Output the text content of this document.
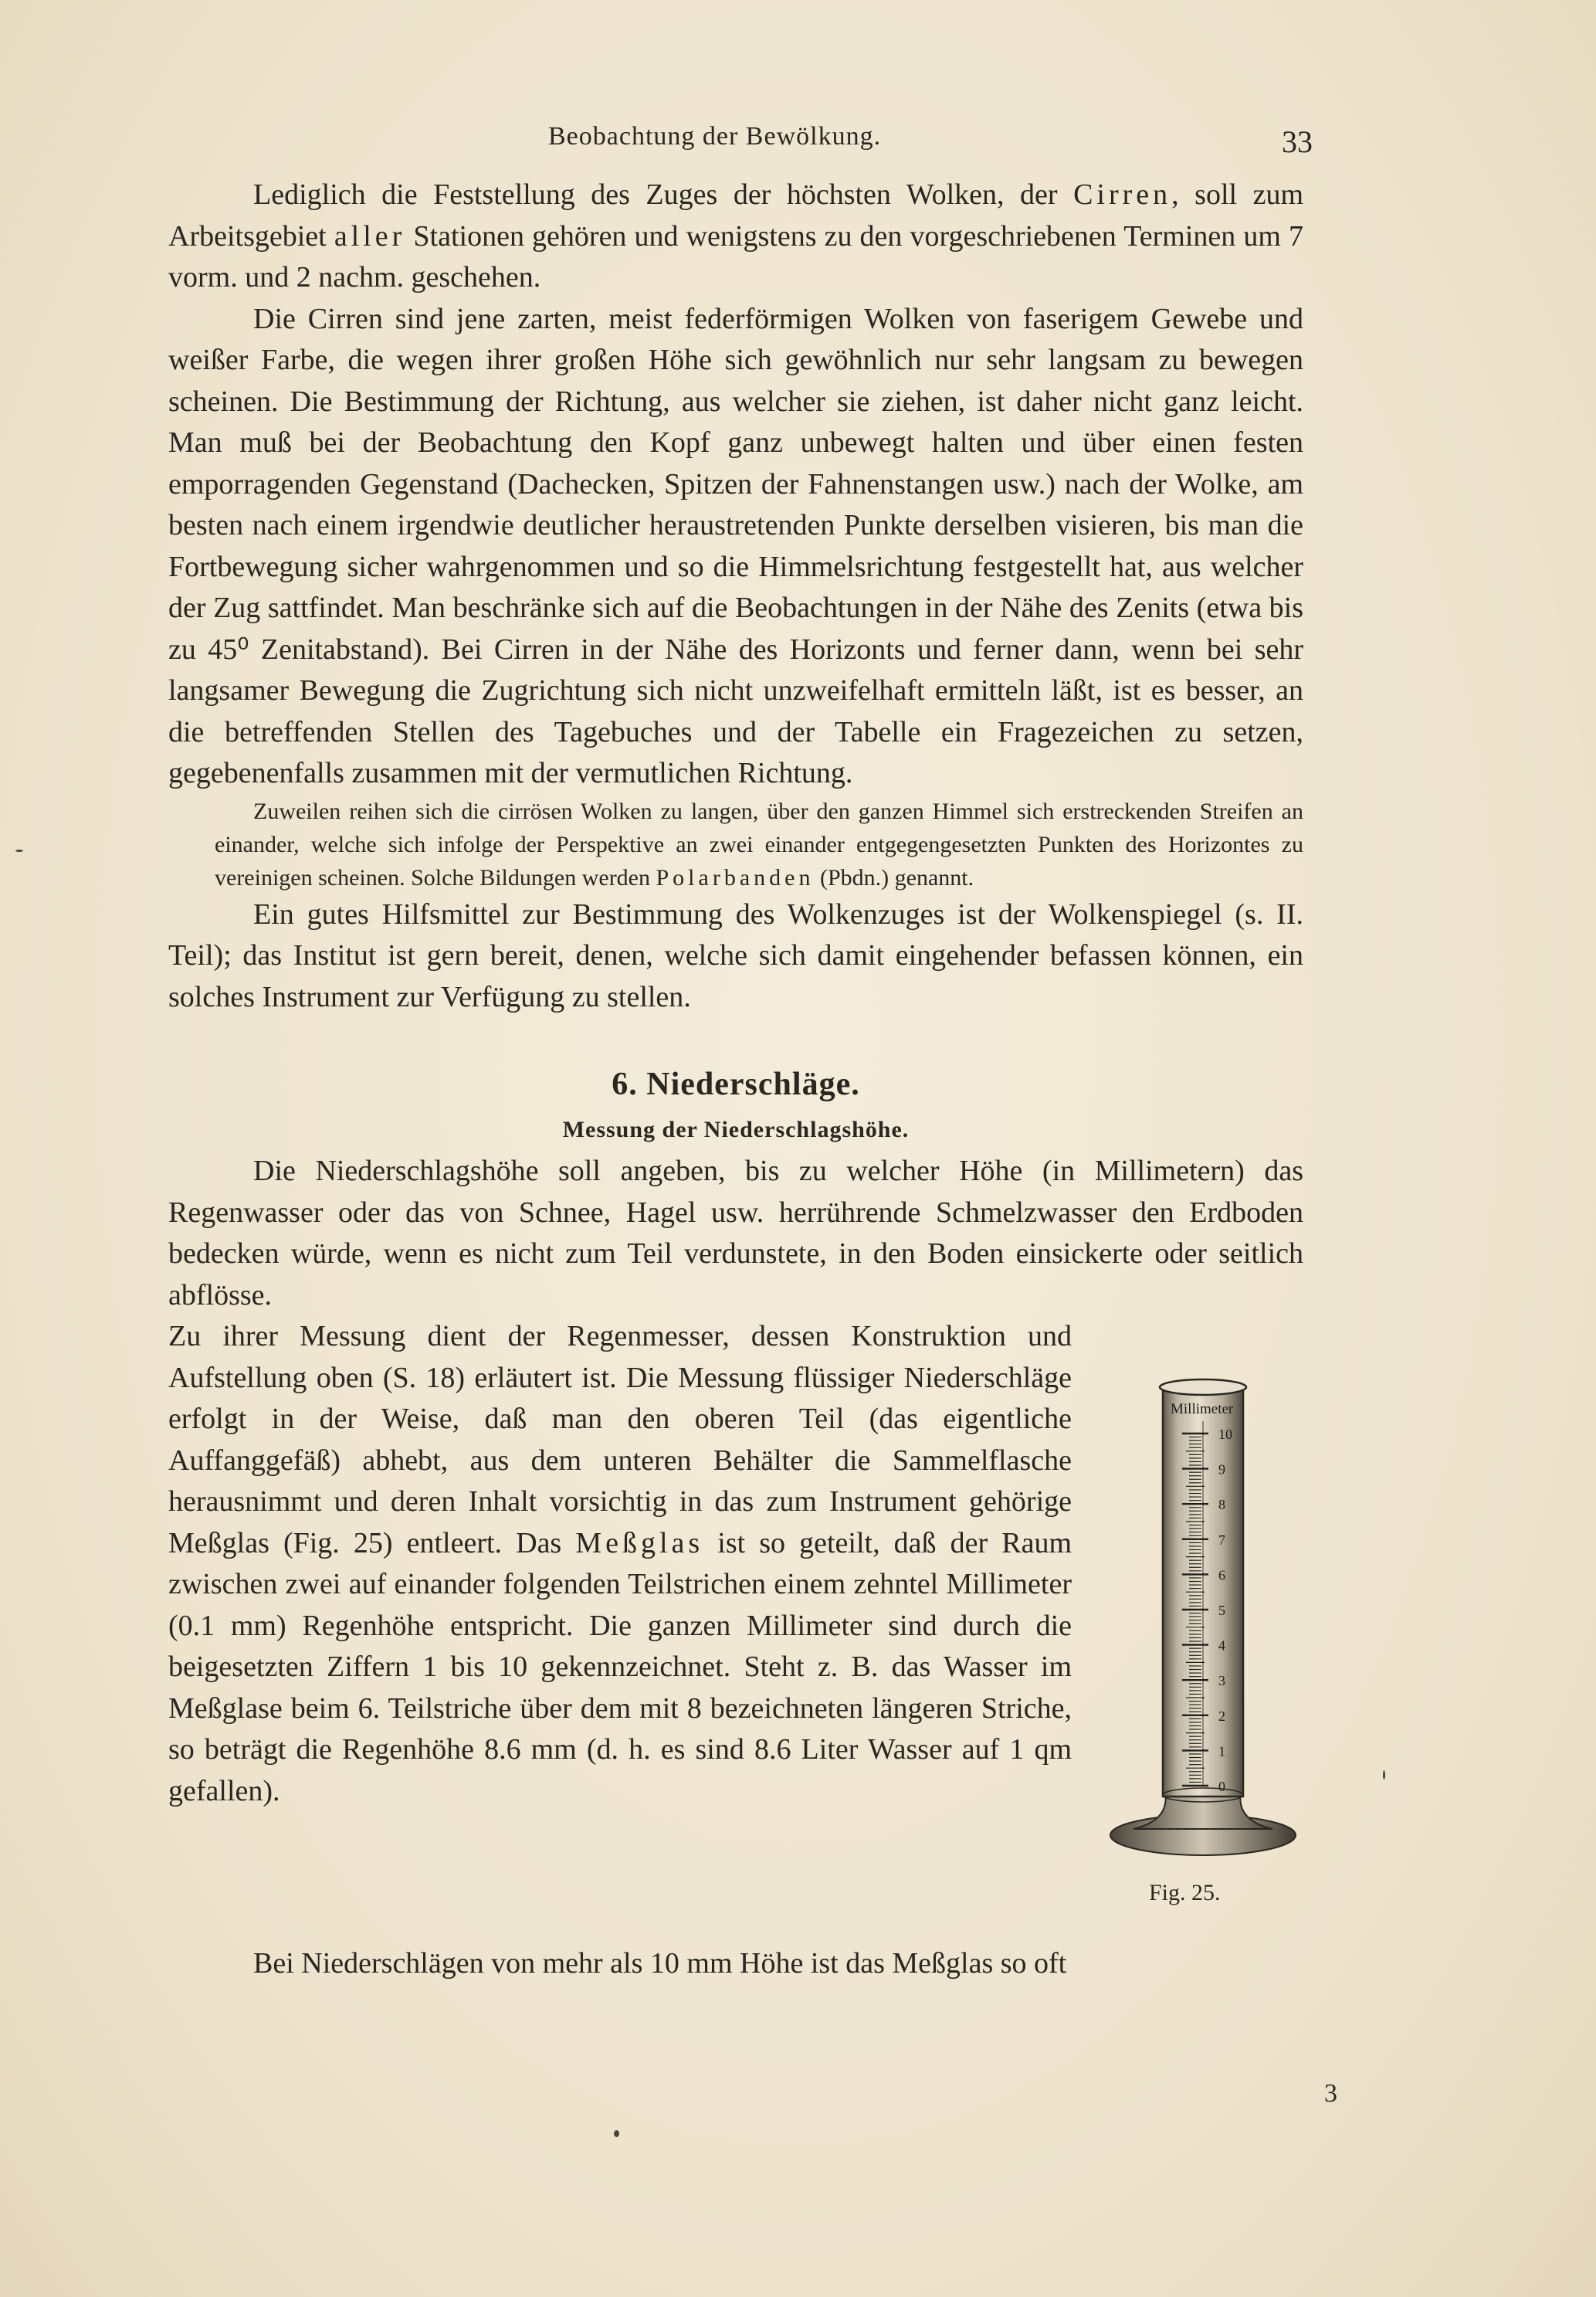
Beobachtung der Bewölkung.	33

Lediglich die Feststellung des Zuges der höchsten Wolken, der Cirren, soll zum Arbeitsgebiet aller Stationen gehören und wenigstens zu den vorgeschriebenen Terminen um 7 vorm. und 2 nachm. geschehen.

Die Cirren sind jene zarten, meist federförmigen Wolken von faserigem Gewebe und weißer Farbe, die wegen ihrer großen Höhe sich gewöhnlich nur sehr langsam zu bewegen scheinen. Die Bestimmung der Richtung, aus welcher sie ziehen, ist daher nicht ganz leicht. Man muß bei der Beobachtung den Kopf ganz unbewegt halten und über einen festen emporragenden Gegenstand (Dachecken, Spitzen der Fahnenstangen usw.) nach der Wolke, am besten nach einem irgendwie deutlicher heraustretenden Punkte derselben visieren, bis man die Fortbewegung sicher wahrgenommen und so die Himmelsrichtung festgestellt hat, aus welcher der Zug sattfindet. Man beschränke sich auf die Beobachtungen in der Nähe des Zenits (etwa bis zu 45⁰ Zenitabstand). Bei Cirren in der Nähe des Horizonts und ferner dann, wenn bei sehr langsamer Bewegung die Zugrichtung sich nicht unzweifelhaft ermitteln läßt, ist es besser, an die betreffenden Stellen des Tagebuches und der Tabelle ein Fragezeichen zu setzen, gegebenenfalls zusammen mit der vermutlichen Richtung.

Zuweilen reihen sich die cirrösen Wolken zu langen, über den ganzen Himmel sich erstreckenden Streifen an einander, welche sich infolge der Perspektive an zwei einander entgegengesetzten Punkten des Horizontes zu vereinigen scheinen. Solche Bildungen werden Polarbanden (Pbdn.) genannt.

Ein gutes Hilfsmittel zur Bestimmung des Wolkenzuges ist der Wolkenspiegel (s. II. Teil); das Institut ist gern bereit, denen, welche sich damit eingehender befassen können, ein solches Instrument zur Verfügung zu stellen.

6. Niederschläge.
Messung der Niederschlagshöhe.

Die Niederschlagshöhe soll angeben, bis zu welcher Höhe (in Millimetern) das Regenwasser oder das von Schnee, Hagel usw. herrührende Schmelzwasser den Erdboden bedecken würde, wenn es nicht zum Teil verdunstete, in den Boden einsickerte oder seitlich abflösse.

Millimeter
10
9
8
7
6
5
4
3
2
1
0
Fig. 25.

Zu ihrer Messung dient der Regenmesser, dessen Konstruktion und Aufstellung oben (S. 18) erläutert ist. Die Messung flüssiger Niederschläge erfolgt in der Weise, daß man den oberen Teil (das eigentliche Auffanggefäß) abhebt, aus dem unteren Behälter die Sammelflasche herausnimmt und deren Inhalt vorsichtig in das zum Instrument gehörige Meßglas (Fig. 25) entleert. Das Meßglas ist so geteilt, daß der Raum zwischen zwei auf einander folgenden Teilstrichen einem zehntel Millimeter (0.1 mm) Regenhöhe entspricht. Die ganzen Millimeter sind durch die beigesetzten Ziffern 1 bis 10 gekennzeichnet. Steht z. B. das Wasser im Meßglase beim 6. Teilstriche über dem mit 8 bezeichneten längeren Striche, so beträgt die Regenhöhe 8.6 mm (d. h. es sind 8.6 Liter Wasser auf 1 qm gefallen).

Bei Niederschlägen von mehr als 10 mm Höhe ist das Meßglas so oft

3
